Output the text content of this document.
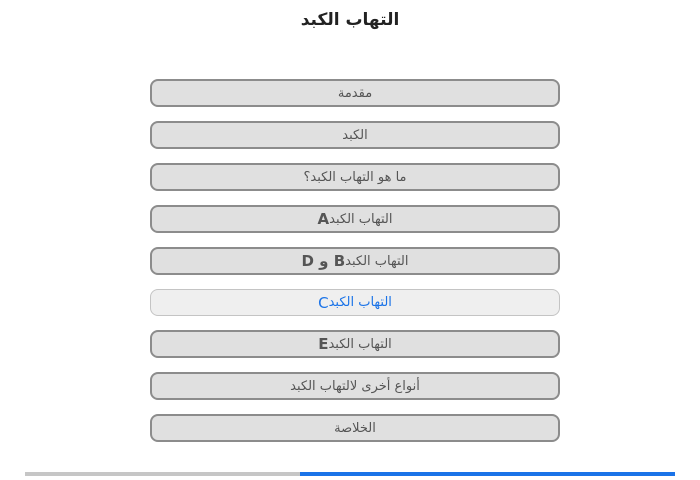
التهاب الكبد
مقدمة
الكبد
ما هو التهاب الكبد؟
التهاب الكبد
A
التهاب الكبد
B و D
التهاب الكبد
C
التهاب الكبد
E
أنواع أخرى لالتهاب الكبد
الخلاصة
